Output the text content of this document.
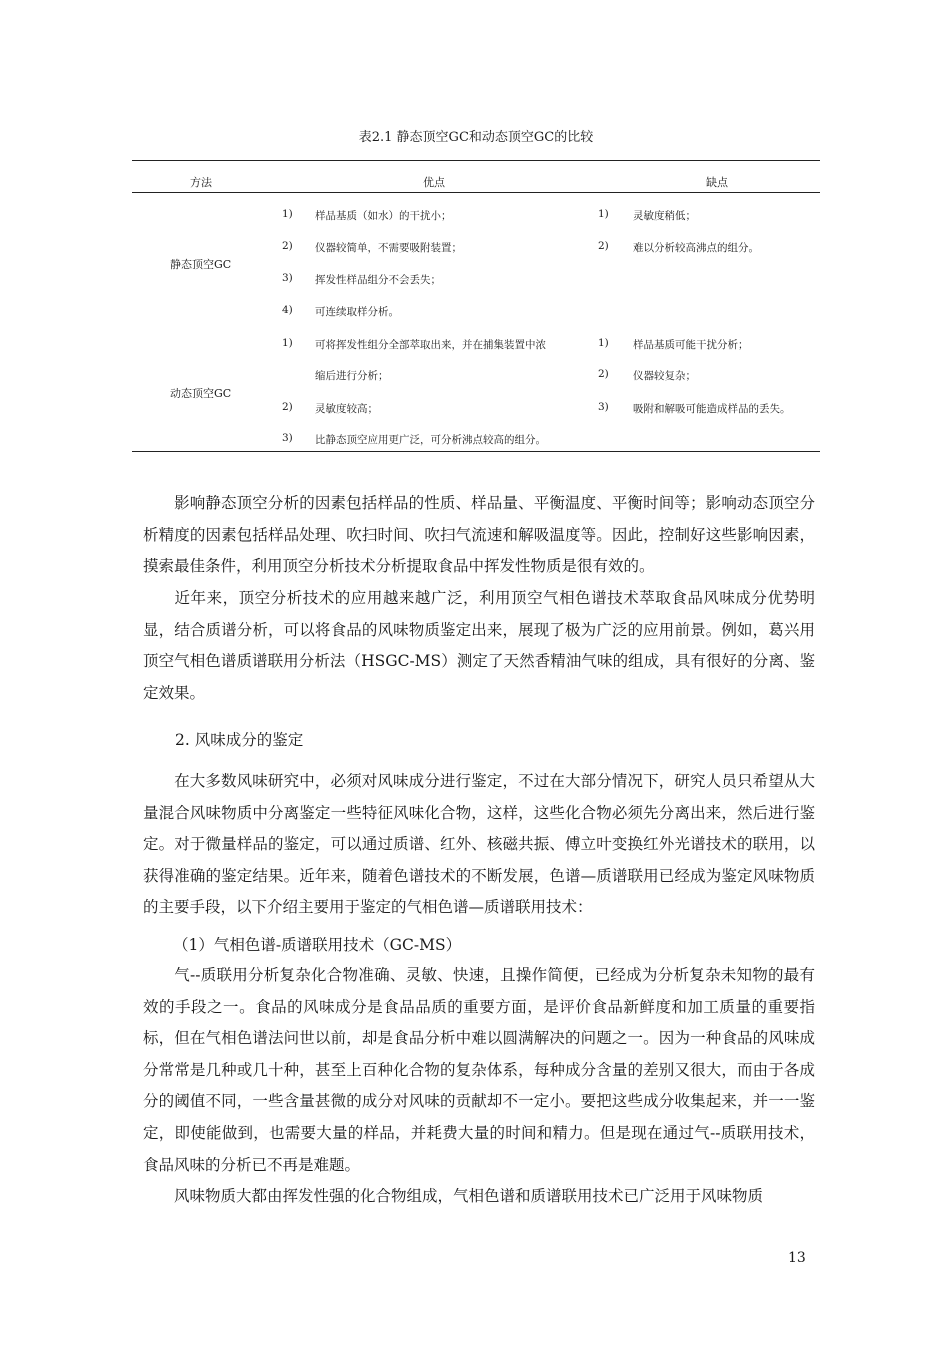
表2.1 静态顶空GC和动态顶空GC的比较
方法	优点	缺点
静态顶空GC
1) 样品基质（如水）的干扰小；
2) 仪器较简单，不需要吸附装置；
3) 挥发性样品组分不会丢失；
4) 可连续取样分析。
1) 灵敏度稍低；
2) 难以分析较高沸点的组分。
动态顶空GC
1) 可将挥发性组分全部萃取出来，并在捕集装置中浓
缩后进行分析；
2) 灵敏度较高；
3) 比静态顶空应用更广泛，可分析沸点较高的组分。
1) 样品基质可能干扰分析；
2) 仪器较复杂；
3) 吸附和解吸可能造成样品的丢失。
影响静态顶空分析的因素包括样品的性质、样品量、平衡温度、平衡时间等；影响动态顶空分析精度的因素包括样品处理、吹扫时间、吹扫气流速和解吸温度等。因此，控制好这些影响因素，摸索最佳条件，利用顶空分析技术分析提取食品中挥发性物质是很有效的。
近年来，顶空分析技术的应用越来越广泛，利用顶空气相色谱技术萃取食品风味成分优势明显，结合质谱分析，可以将食品的风味物质鉴定出来，展现了极为广泛的应用前景。例如，葛兴用顶空气相色谱质谱联用分析法（HSGC-MS）测定了天然香精油气味的组成，具有很好的分离、鉴定效果。
2. 风味成分的鉴定
在大多数风味研究中，必须对风味成分进行鉴定，不过在大部分情况下，研究人员只希望从大量混合风味物质中分离鉴定一些特征风味化合物，这样，这些化合物必须先分离出来，然后进行鉴定。对于微量样品的鉴定，可以通过质谱、红外、核磁共振、傅立叶变换红外光谱技术的联用，以获得准确的鉴定结果。近年来，随着色谱技术的不断发展，色谱—质谱联用已经成为鉴定风味物质的主要手段，以下介绍主要用于鉴定的气相色谱—质谱联用技术：
（1）气相色谱-质谱联用技术（GC-MS）
气--质联用分析复杂化合物准确、灵敏、快速，且操作简便，已经成为分析复杂未知物的最有效的手段之一。食品的风味成分是食品品质的重要方面，是评价食品新鲜度和加工质量的重要指标，但在气相色谱法问世以前，却是食品分析中难以圆满解决的问题之一。因为一种食品的风味成分常常是几种或几十种，甚至上百种化合物的复杂体系，每种成分含量的差别又很大，而由于各成分的阈值不同，一些含量甚微的成分对风味的贡献却不一定小。要把这些成分收集起来，并一一鉴定，即使能做到，也需要大量的样品，并耗费大量的时间和精力。但是现在通过气--质联用技术，食品风味的分析已不再是难题。
风味物质大都由挥发性强的化合物组成，气相色谱和质谱联用技术已广泛用于风味物质
13
